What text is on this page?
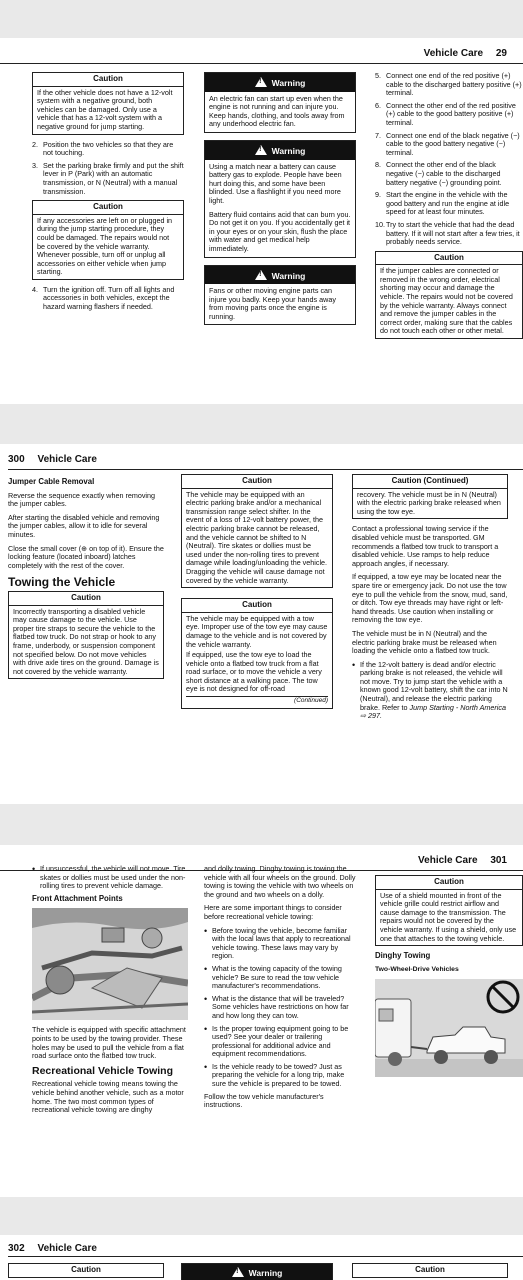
Vehicle Care 29
Caution
If the other vehicle does not have a 12-volt system with a negative ground, both vehicles can be damaged. Only use a vehicle that has a 12-volt system with a negative ground for jump starting.
2. Position the two vehicles so that they are not touching.
3. Set the parking brake firmly and put the shift lever in P (Park) with an automatic transmission, or N (Neutral) with a manual transmission.
Caution
If any accessories are left on or plugged in during the jump starting procedure, they could be damaged. The repairs would not be covered by the vehicle warranty. Whenever possible, turn off or unplug all accessories on either vehicle when jump starting.
4. Turn the ignition off. Turn off all lights and accessories in both vehicles, except the hazard warning flashers if needed.
!Warning
An electric fan can start up even when the engine is not running and can injure you. Keep hands, clothing, and tools away from any underhood electric fan.
!Warning

Using a match near a battery can cause battery gas to explode. People have been hurt doing this, and some have been blinded. Use a flashlight if you need more light.

Battery fluid contains acid that can burn you. Do not get it on you. If you accidentally get it in your eyes or on your skin, flush the place with water and get medical help immediately.

!Warning
Fans or other moving engine parts can injure you badly. Keep your hands away from moving parts once the engine is running.
5. Connect one end of the red positive (+) cable to the discharged battery positive (+) terminal.
6. Connect the other end of the red positive (+) cable to the good battery positive (+) terminal.
7. Connect one end of the black negative (−) cable to the good battery negative (−) terminal.
8. Connect the other end of the black negative (−) cable to the discharged battery negative (−) grounding point.
9. Start the engine in the vehicle with the good battery and run the engine at idle speed for at least four minutes.
10. Try to start the vehicle that had the dead battery. If it will not start after a few tries, it probably needs service.
Caution
If the jumper cables are connected or removed in the wrong order, electrical shorting may occur and damage the vehicle. The repairs would not be covered by the vehicle warranty. Always connect and remove the jumper cables in the correct order, making sure that the cables do not touch each other or other metal.
300 Vehicle Care
Jumper Cable Removal

Reverse the sequence exactly when removing the jumper cables.

After starting the disabled vehicle and removing the jumper cables, allow it to idle for several minutes.

Close the small cover (⊕ on top of it). Ensure the locking feature (located inboard) latches completely with the rest of the cover.

Towing the Vehicle
Caution
Incorrectly transporting a disabled vehicle may cause damage to the vehicle. Use proper tire straps to secure the vehicle to the flatbed tow truck. Do not strap or hook to any frame, underbody, or suspension component not specified below. Do not move vehicles with drive axle tires on the ground. Damage is not covered by the vehicle warranty.
Caution
The vehicle may be equipped with an electric parking brake and/or a mechanical transmission range select shifter. In the event of a loss of 12-volt battery power, the electric parking brake cannot be released, and the vehicle cannot be shifted to N (Neutral). Tire skates or dollies must be used under the non-rolling tires to prevent damage while loading/unloading the vehicle. Dragging the vehicle will cause damage not covered by the vehicle warranty.
Caution

The vehicle may be equipped with a tow eye. Improper use of the tow eye may cause damage to the vehicle and is not covered by the vehicle warranty.

If equipped, use the tow eye to load the vehicle onto a flatbed tow truck from a flat road surface, or to move the vehicle a very short distance at a walking pace. The tow eye is not designed for off-road

(Continued)
Caution (Continued)
recovery. The vehicle must be in N (Neutral) with the electric parking brake released when using the tow eye.

Contact a professional towing service if the disabled vehicle must be transported. GM recommends a flatbed tow truck to transport a disabled vehicle. Use ramps to help reduce approach angles, if necessary.

If equipped, a tow eye may be located near the spare tire or emergency jack. Do not use the tow eye to pull the vehicle from the snow, mud, sand, or ditch. Tow eye threads may have right or left-hand threads. Use caution when installing or removing the tow eye.

The vehicle must be in N (Neutral) and the electric parking brake must be released when loading the vehicle onto a flatbed tow truck.

• If the 12-volt battery is dead and/or electric parking brake is not released, the vehicle will not move. Try to jump start the vehicle with a known good 12-volt battery, shift the car into N (Neutral), and release the electric parking brake. Refer to Jump Starting - North America ⇨ 297.
Vehicle Care 301
• If unsuccessful, the vehicle will not move. Tire skates or dollies must be used under the non-rolling tires to prevent vehicle damage.
Front Attachment Points

The vehicle is equipped with specific attachment points to be used by the towing provider. These holes may be used to pull the vehicle from a flat road surface onto the flatbed tow truck.

Recreational Vehicle Towing

Recreational vehicle towing means towing the vehicle behind another vehicle, such as a motor home. The two most common types of recreational vehicle towing are dinghy

and dolly towing. Dinghy towing is towing the vehicle with all four wheels on the ground. Dolly towing is towing the vehicle with two wheels on the ground and two wheels on a dolly.

Here are some important things to consider before recreational vehicle towing:

• Before towing the vehicle, become familiar with the local laws that apply to recreational vehicle towing. These laws may vary by region.
• What is the towing capacity of the towing vehicle? Be sure to read the tow vehicle manufacturer's recommendations.
• What is the distance that will be traveled? Some vehicles have restrictions on how far and how long they can tow.
• Is the proper towing equipment going to be used? See your dealer or trailering professional for additional advice and equipment recommendations.
• Is the vehicle ready to be towed? Just as preparing the vehicle for a long trip, make sure the vehicle is prepared to be towed.

Follow the tow vehicle manufacturer's instructions.

Caution
Use of a shield mounted in front of the vehicle grille could restrict airflow and cause damage to the transmission. The repairs would not be covered by the vehicle warranty. If using a shield, only use one that attaches to the towing vehicle.
Dinghy Towing
Two-Wheel-Drive Vehicles
302 Vehicle Care
Caution
!	Warning	Caution
